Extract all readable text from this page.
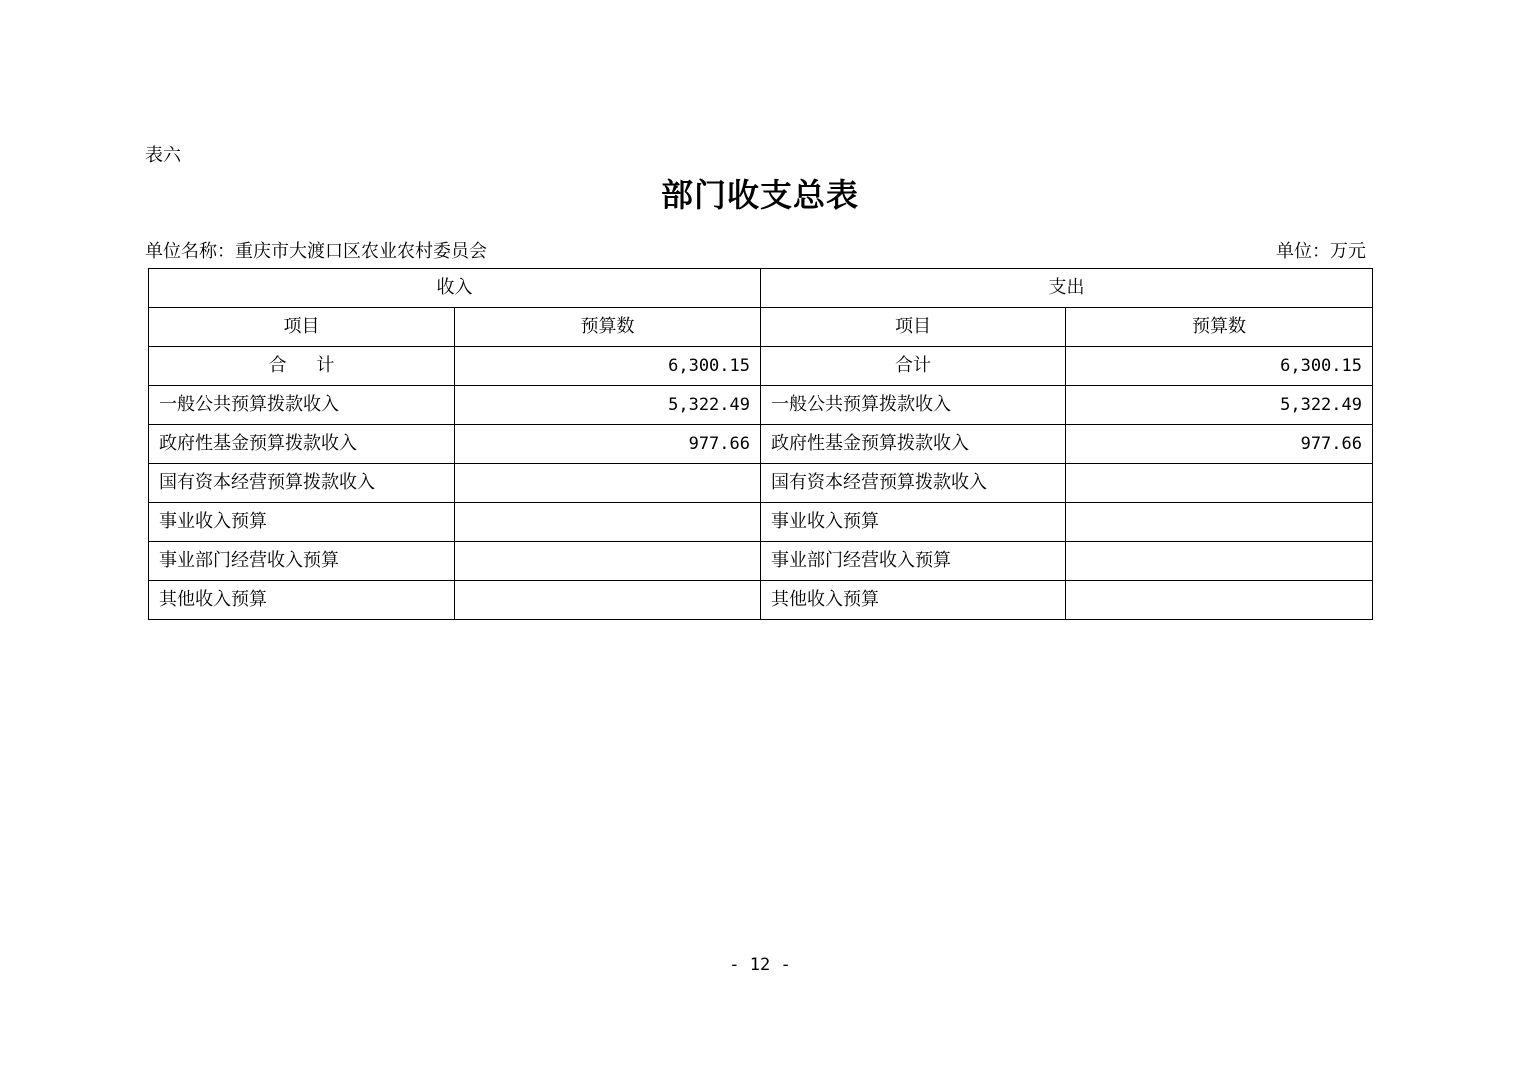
表六
部门收支总表
单位名称：重庆市大渡口区农业农村委员会	单位：万元
收入		支出	
项目	预算数	项目	预算数
合 计	6,300.15	合计	6,300.15
一般公共预算拨款收入	5,322.49	一般公共预算拨款收入	5,322.49
政府性基金预算拨款收入	977.66	政府性基金预算拨款收入	977.66
国有资本经营预算拨款收入		国有资本经营预算拨款收入	
事业收入预算		事业收入预算	
事业部门经营收入预算		事业部门经营收入预算	
其他收入预算		其他收入预算	
- 12 -
